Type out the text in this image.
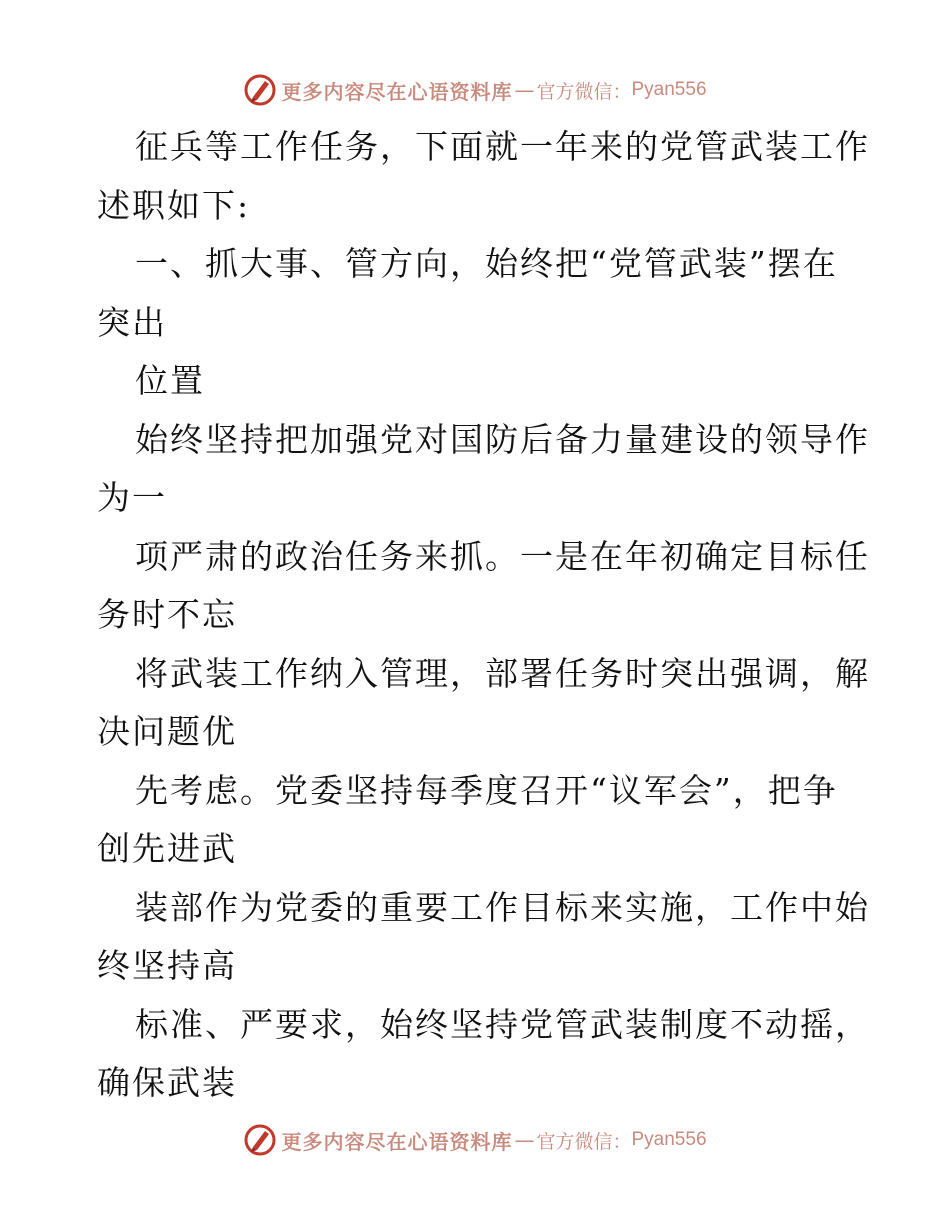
更多内容尽在心语资料库 — 官方微信： Pyan556
征兵等工作任务，下面就一年来的党管武装工作
述职如下:
一、抓大事、管方向，始终把“党管武装”摆在
突出
位置
始终坚持把加强党对国防后备力量建设的领导作
为一
项严肃的政治任务来抓。一是在年初确定目标任
务时不忘
将武装工作纳入管理，部署任务时突出强调，解
决问题优
先考虑。党委坚持每季度召开“议军会”，把争
创先进武
装部作为党委的重要工作目标来实施，工作中始
终坚持高
标准、严要求，始终坚持党管武装制度不动摇，
确保武装
更多内容尽在心语资料库 — 官方微信： Pyan556
